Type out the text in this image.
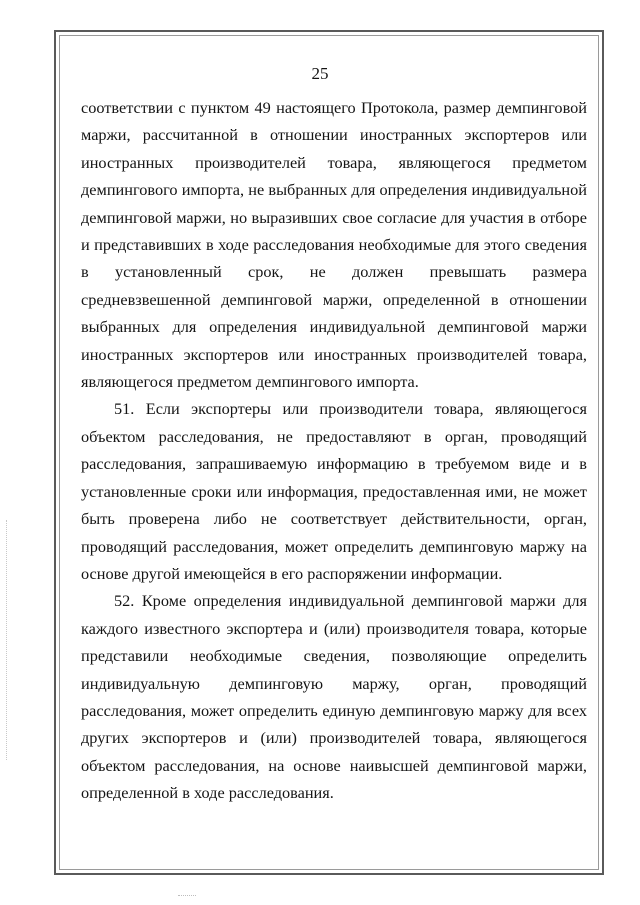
25

соответствии с пунктом 49 настоящего Протокола, размер демпинговой маржи, рассчитанной в отношении иностранных экспортеров или иностранных производителей товара, являющегося предметом демпингового импорта, не выбранных для определения индивидуальной демпинговой маржи, но выразивших свое согласие для участия в отборе и представивших в ходе расследования необходимые для этого сведения в установленный срок, не должен превышать размера средневзвешенной демпинговой маржи, определенной в отношении выбранных для определения индивидуальной демпинговой маржи иностранных экспортеров или иностранных производителей товара, являющегося предметом демпингового импорта.

51. Если экспортеры или производители товара, являющегося объектом расследования, не предоставляют в орган, проводящий расследования, запрашиваемую информацию в требуемом виде и в установленные сроки или информация, предоставленная ими, не может быть проверена либо не соответствует действительности, орган, проводящий расследования, может определить демпинговую маржу на основе другой имеющейся в его распоряжении информации.

52. Кроме определения индивидуальной демпинговой маржи для каждого известного экспортера и (или) производителя товара, которые представили необходимые сведения, позволяющие определить индивидуальную демпинговую маржу, орган, проводящий расследования, может определить единую демпинговую маржу для всех других экспортеров и (или) производителей товара, являющегося объектом расследования, на основе наивысшей демпинговой маржи, определенной в ходе расследования.
